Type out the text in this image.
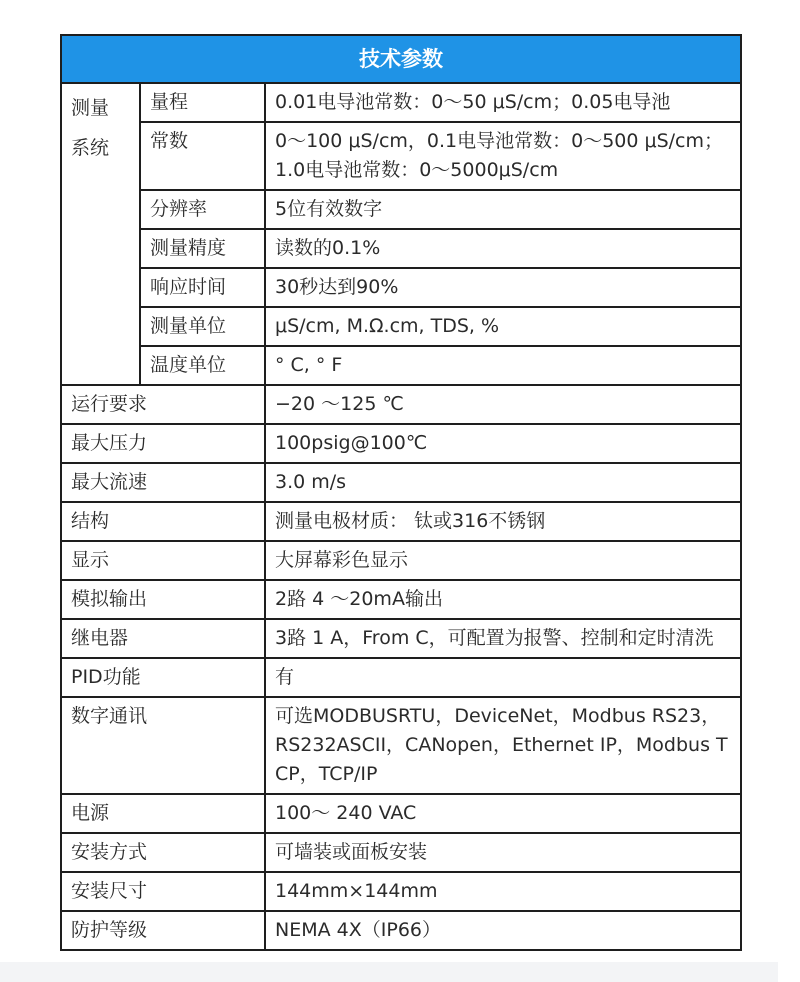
技术参数		

测量
系统	量程	0.01电导池常数：0～50 μS/cm；0.05电导池
	常数	0～100 μS/cm，0.1电导池常数：0～500 μS/cm；1.0电导池常数：0～5000μS/cm
	分辨率	5位有效数字
	测量精度	读数的0.1%
	响应时间	30秒达到90%
	测量单位	μS/cm, M.Ω.cm, TDS, %
	温度单位	° C, ° F
运行要求		−20 ～125 ℃
最大压力		100psig@100℃
最大流速		3.0 m/s
结构		测量电极材质： 钛或316不锈钢
显示		大屏幕彩色显示
模拟输出		2路 4 ～20mA输出
继电器		3路 1 A，From C，可配置为报警、控制和定时清洗
PID功能		有
数字通讯		可选MODBUSRTU，DeviceNet，Modbus RS23，RS232ASCII，CANopen，Ethernet IP，Modbus TCP，TCP/IP
电源		100～ 240 VAC
安装方式		可墙装或面板安装
安装尺寸		144mm×144mm
防护等级		NEMA 4X（IP66）
